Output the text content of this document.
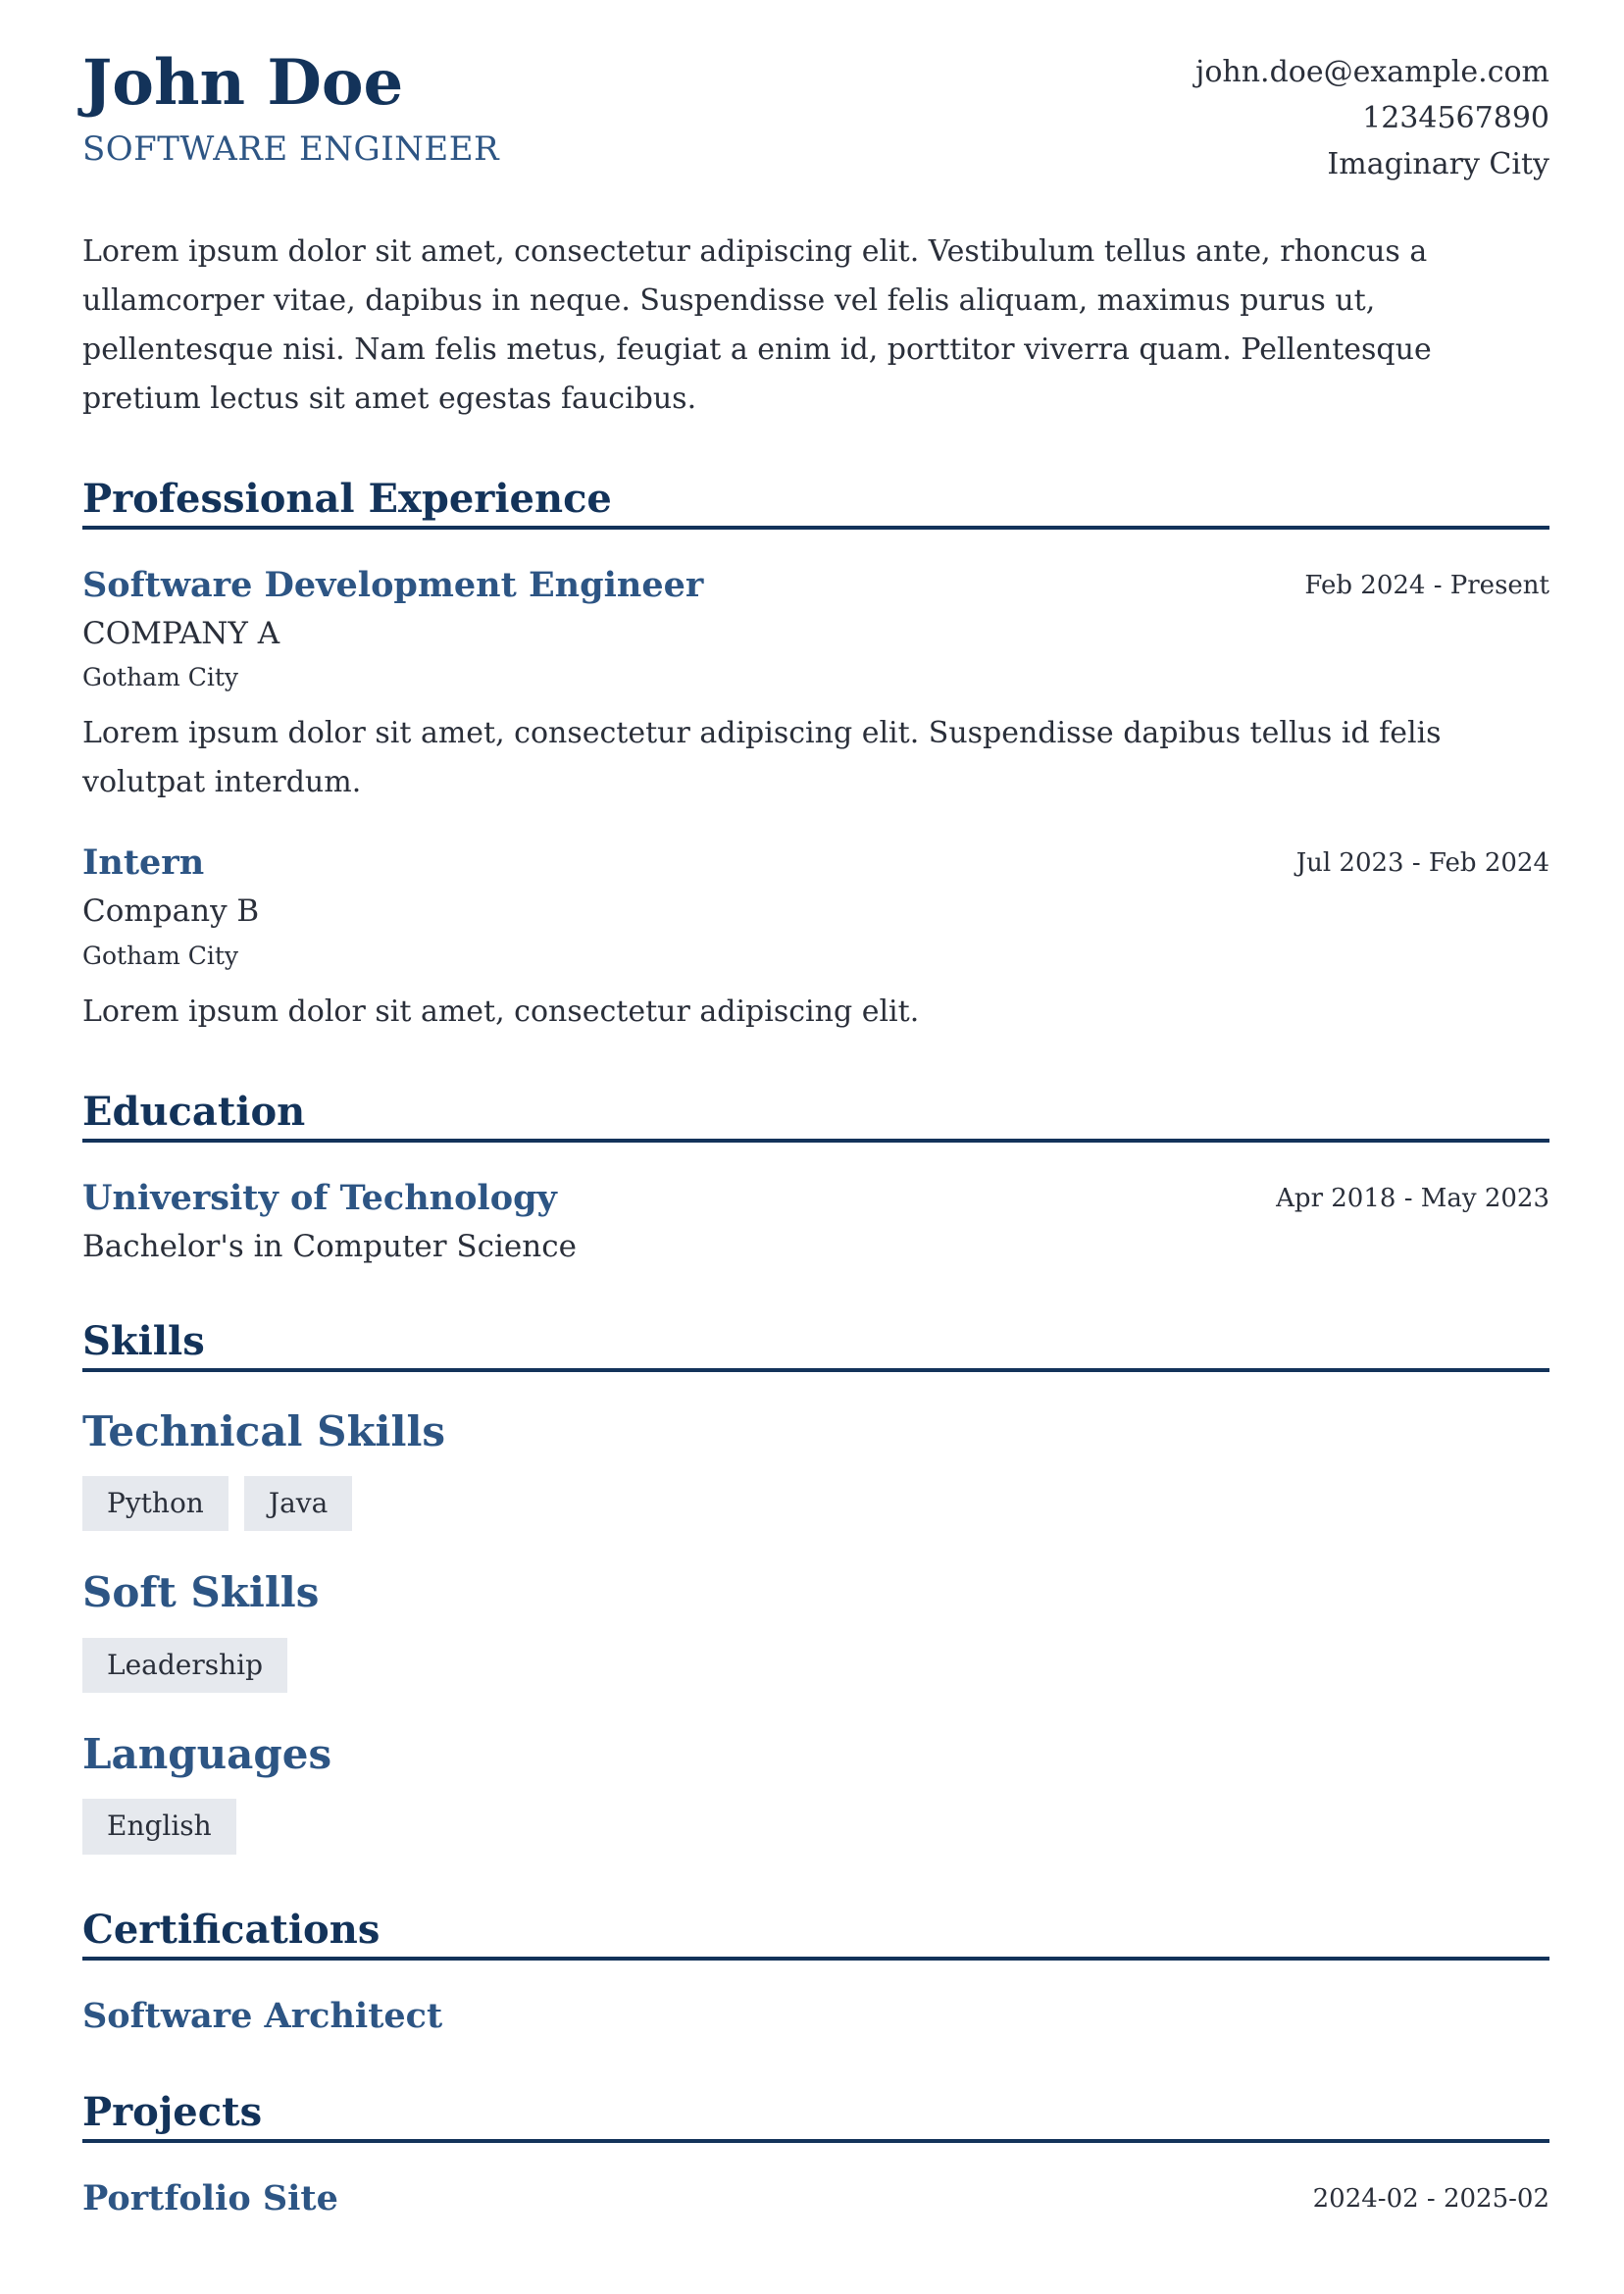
John Doe
SOFTWARE ENGINEER
john.doe@example.com
1234567890
Imaginary City
Lorem ipsum dolor sit amet, consectetur adipiscing elit. Vestibulum tellus ante, rhoncus a ullamcorper vitae, dapibus in neque. Suspendisse vel felis aliquam, maximus purus ut, pellentesque nisi. Nam felis metus, feugiat a enim id, porttitor viverra quam. Pellentesque pretium lectus sit amet egestas faucibus.
Professional Experience
Software Development Engineer	Feb 2024 - Present
COMPANY A
Gotham City
Lorem ipsum dolor sit amet, consectetur adipiscing elit. Suspendisse dapibus tellus id felis volutpat interdum.
Intern	Jul 2023 - Feb 2024
Company B
Gotham City
Lorem ipsum dolor sit amet, consectetur adipiscing elit.
Education
University of Technology	Apr 2018 - May 2023
Bachelor's in Computer Science
Skills
Technical Skills
Python	Java
Soft Skills
Leadership
Languages
English
Certifications
Software Architect
Projects
Portfolio Site	2024-02 - 2025-02
